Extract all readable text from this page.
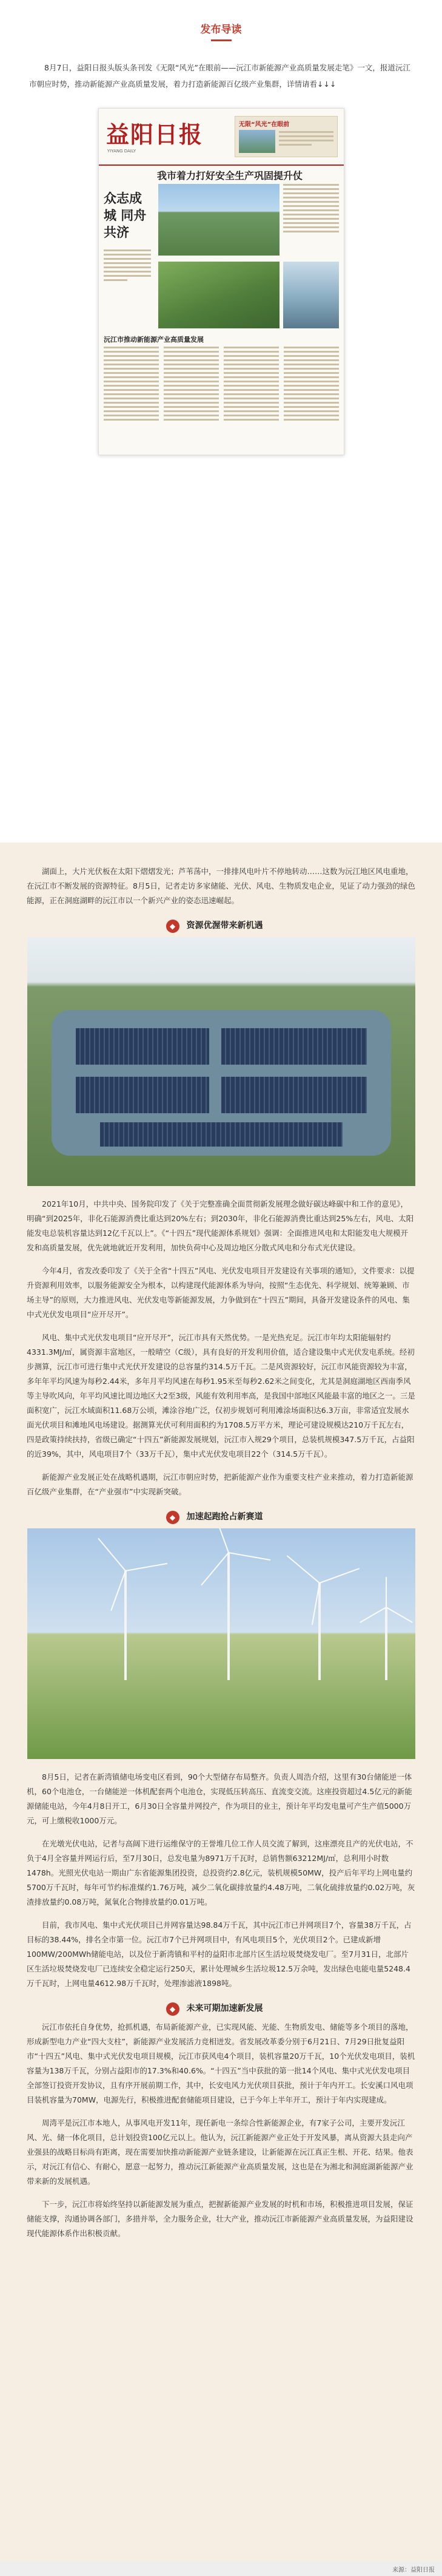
发布导读
8月7日，益阳日报头版头条刊发《无限“风光”在眼前——沅江市新能源产业高质量发展走笔》一文，报道沅江市朝应时势，推动新能源产业高质量发展，着力打造新能源百亿级产业集群，详情请看↓↓↓
益阳日报
YIYANG DAILY
无限“风光”在眼前
我市着力打好安全生产巩固提升仗
众志成城 同舟共济
沅江市推动新能源产业高质量发展

湖面上，大片光伏板在太阳下熠熠发光；芦苇荡中，一排排风电叶片不停地转动……这数为沅江地区风电重地，在沅江市不断发展的资源特征。8月5日，记者走访多家储能、光伏、风电、生物质发电企业，见证了动力强劲的绿色能源，正在洞庭湖畔的沅江市以一个新兴产业的姿态迅速崛起。

◆	资源优渥带来新机遇

2021年10月，中共中央、国务院印发了《关于完整准确全面贯彻新发展理念做好碳达峰碳中和工作的意见》，明确“到2025年，非化石能源消费比重达到20%左右；到2030年，非化石能源消费比重达到25%左右，风电、太阳能发电总装机容量达到12亿千瓦以上”。《“十四五”现代能源体系规划》强调：全面推进风电和太阳能发电大规模开发和高质量发展，优先就地就近开发利用，加快负荷中心及周边地区分散式风电和分布式光伏建设。

今年4月，省发改委印发了《关于全省“十四五”风电、光伏发电项目开发建设有关事项的通知》，文件要求：以提升资源利用效率，以服务能源安全为根本，以构建现代能源体系为导向，按照“生态优先、科学规划、统筹兼顾、市场主导”的原则，大力推进风电、光伏发电等新能源发展，力争做到在“十四五”期间，具备开发建设条件的风电、集中式光伏发电项目“应开尽开”。

风电、集中式光伏发电项目“应开尽开”，沅江市具有天然优势。一是光热充足。沅江市年均太阳能辐射约4331.3MJ/㎡，属资源丰富地区，一般晴空（C级），具有良好的开发利用价值，适合建设集中式光伏发电系统。经初步测算，沅江市可进行集中式光伏开发建设的总容量约314.5万千瓦。二是风资源较好，沅江市风能资源较为丰富，多年年平均风速为每秒2.44米，多年月平均风速在每秒1.95米至每秒2.62米之间变化，尤其是洞庭湖地区西南季风等主导吹风向，年平均风速比周边地区大2至3级，风能有效利用率高，是我国中部地区风能最丰富的地区之一。三是面积宽广，沅江水域面积11.68万公顷，滩涂谷地广泛，仅初步规划可利用滩涂场面积达6.3万亩，非常适宜发展水面光伏项目和滩地风电场建设。据测算光伏可利用面积约为1708.5万平方米，理论可建设规模达210万千瓦左右，四是政策持续扶持，省级已确定“十四五”新能源发展规划，沅江市入规29个项目，总装机规模347.5万千瓦，占益阳的近39%，其中，风电项目7个（33万千瓦），集中式光伏发电项目22个（314.5万千瓦）。

新能源产业发展正处在战略机遇期，沅江市朝应时势，把新能源产业作为重要支柱产业来推动，着力打造新能源百亿级产业集群，在“产业强市”中实现新突破。

◆	加速起跑抢占新赛道

8月5日，记者在新湾镇储电场变电区看到，90个大型储存布局整齐。负责人周浩介绍，这里有30台储能逆一体机，60个电池仓，一台储能逆一体机配套两个电池仓，实现低压转高压、直流变交流。这座投资超过4.5亿元的新能源储能电站，今年4月8日开工，6月30日全容量并网投产，作为项目的业主，预计年平均发电量可产生产值5000万元，可上缴税收1000万元。

在光墩光伏电站，记者与高阔下进行运维保守的王誉堆几位工作人员交流了解到，这座漂亮且产的光伏电站，不负于4月全容量并网运行后，至7月30日，总发电量为8971万千瓦时，总销售额63212MJ/㎡，总利用小时数1478h。光照光伏电站一期由广东省能源集团投资，总投资约2.8亿元，装机规模50MW，投产后年平均上网电量约5700万千瓦时，每年可节约标准煤约1.76万吨，减少二氧化碳排放量约4.48万吨，二氧化硫排放量约0.02万吨，灰渣排放量约0.08万吨，氮氧化合物排放量约0.01万吨。

目前，我市风电、集中式光伏项目已并网容量达98.84万千瓦，其中沅江市已并网项目7个，容量38万千瓦，占目标的38.44%，排名全市第一位。沅江市7个已并网项目中，有风电项目5个，光伏项目2个。已建成新增100MW/200MWh储能电站，以及位于新湾镇和平村的益阳市北部片区生活垃圾焚烧发电厂。至7月31日，北部片区生活垃圾焚烧发电厂已连续安全稳定运行250天，累计处理城乡生活垃圾12.5万余吨，发出绿色电能电量5248.4万千瓦时，上网电量4612.98万千瓦时，处理渗滤液1898吨。

◆	未来可期加速新发展

沅江市依托自身优势，抢抓机遇，布局新能源产业，已实现风能、光能、生物质发电、储能等多个项目的落地，形成新型电力产业“四大支柱”，新能源产业发展活力竞相迸发。省发展改革委分别于6月21日、7月29日批复益阳市“十四五”风电、集中式光伏发电项目规模，沅江市获风电4个项目，装机容量20万千瓦，10个光伏发电项目，装机容量为138万千瓦，分别占益阳市的17.3%和40.6%。“十四五”当中获批的第一批14个风电、集中式光伏发电项目全部签订投资开发协议，且有序开展前期工作，其中，长安电风力光伏项目获批，预计于年内开工。长安溪口风电项目装机容量为70MW，电源先行，积极推进配套储能项目建设，已于今年上半年开工，预计于年内实现建成。

周湾平是沅江市本地人，从事风电开发11年，现任新电一条综合性新能源企业，有7家子公司，主要开发沅江风、光、储一体化项目，总计划投资100亿元以上。他认为，沅江新能源产业正处于开发风暴，离从资源大县走向产业强县的战略目标尚有距离，现在需要加快推动新能源产业链条建设，让新能源在沅江真正生根、开花、结果。他表示，对沅江有信心、有耐心，愿意一起努力，推动沅江新能源产业高质量发展，这也是在为湘北和洞庭湖新能源产业带来新的发展机遇。

下一步，沅江市将始终坚持以新能源发展为重点，把握新能源产业发展的时机和市场，积极推进项目发展，保证储能支撑，沟通协调各部门，多措并举，全力服务企业，壮大产业，推动沅江市新能源产业高质量发展，为益阳建设现代能源体系作出积极贡献。

来源：益阳日报
